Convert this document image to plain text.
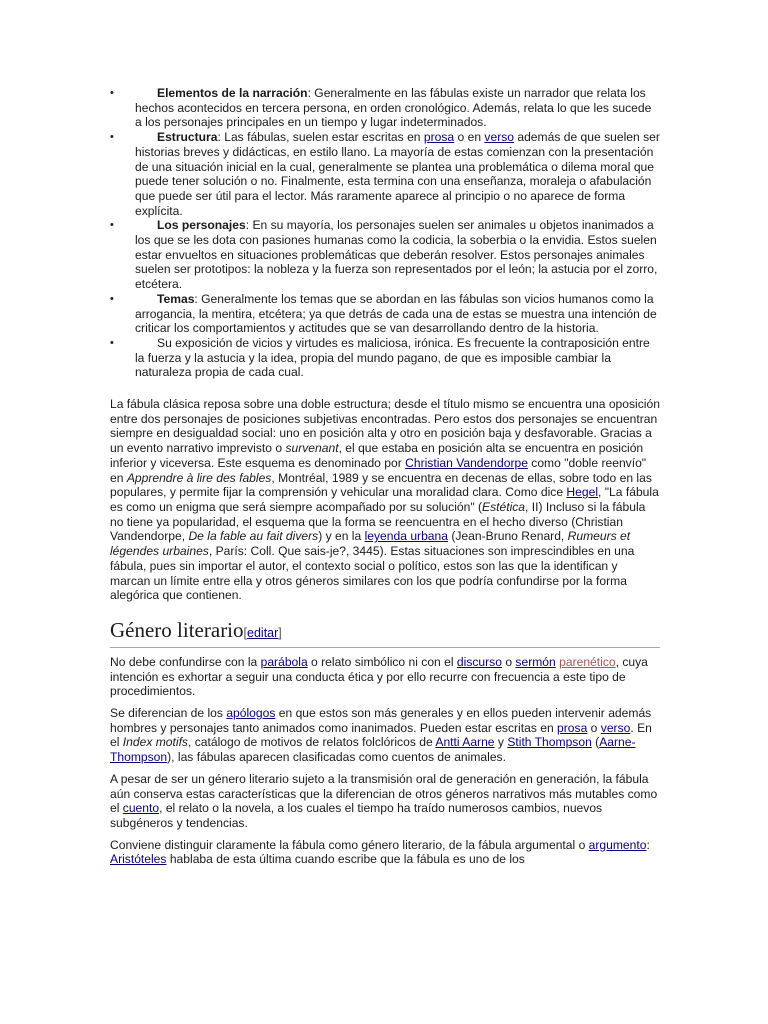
•	Elementos de la narración: Generalmente en las fábulas existe un narrador que relata los hechos acontecidos en tercera persona, en orden cronológico. Además, relata lo que les sucede a los personajes principales en un tiempo y lugar indeterminados.
•	Estructura: Las fábulas, suelen estar escritas en prosa o en verso además de que suelen ser historias breves y didácticas, en estilo llano. La mayoría de estas comienzan con la presentación de una situación inicial en la cual, generalmente se plantea una problemática o dilema moral que puede tener solución o no. Finalmente, esta termina con una enseñanza, moraleja o afabulación que puede ser útil para el lector. Más raramente aparece al principio o no aparece de forma explícita.
•	Los personajes: En su mayoría, los personajes suelen ser animales u objetos inanimados a los que se les dota con pasiones humanas como la codicia, la soberbia o la envidia. Estos suelen estar envueltos en situaciones problemáticas que deberán resolver. Estos personajes animales suelen ser prototipos: la nobleza y la fuerza son representados por el león; la astucia por el zorro, etcétera.
•	Temas: Generalmente los temas que se abordan en las fábulas son vicios humanos como la arrogancia, la mentira, etcétera; ya que detrás de cada una de estas se muestra una intención de criticar los comportamientos y actitudes que se van desarrollando dentro de la historia.
•	Su exposición de vicios y virtudes es maliciosa, irónica. Es frecuente la contraposición entre la fuerza y la astucia y la idea, propia del mundo pagano, de que es imposible cambiar la naturaleza propia de cada cual.

La fábula clásica reposa sobre una doble estructura; desde el título mismo se encuentra una oposición entre dos personajes de posiciones subjetivas encontradas. Pero estos dos personajes se encuentran siempre en desigualdad social: uno en posición alta y otro en posición baja y desfavorable. Gracias a un evento narrativo imprevisto o survenant, el que estaba en posición alta se encuentra en posición inferior y viceversa. Este esquema es denominado por Christian Vandendorpe como "doble reenvío" en Apprendre à lire des fables, Montréal, 1989 y se encuentra en decenas de ellas, sobre todo en las populares, y permite fijar la comprensión y vehicular una moralidad clara. Como dice Hegel, "La fábula es como un enigma que será siempre acompañado por su solución" (Estética, II) Incluso si la fábula no tiene ya popularidad, el esquema que la forma se reencuentra en el hecho diverso (Christian Vandendorpe, De la fable au fait divers) y en la leyenda urbana (Jean-Bruno Renard, Rumeurs et légendes urbaines, París: Coll. Que sais-je?, 3445). Estas situaciones son imprescindibles en una fábula, pues sin importar el autor, el contexto social o político, estos son las que la identifican y marcan un límite entre ella y otros géneros similares con los que podría confundirse por la forma alegórica que contienen.

Género literario[editar]

No debe confundirse con la parábola o relato simbólico ni con el discurso o sermón parenético, cuya intención es exhortar a seguir una conducta ética y por ello recurre con frecuencia a este tipo de procedimientos.

Se diferencian de los apólogos en que estos son más generales y en ellos pueden intervenir además hombres y personajes tanto animados como inanimados. Pueden estar escritas en prosa o verso. En el Index motifs, catálogo de motivos de relatos folclóricos de Antti Aarne y Stith Thompson (Aarne-Thompson), las fábulas aparecen clasificadas como cuentos de animales.

A pesar de ser un género literario sujeto a la transmisión oral de generación en generación, la fábula aún conserva estas características que la diferencian de otros géneros narrativos más mutables como el cuento, el relato o la novela, a los cuales el tiempo ha traído numerosos cambios, nuevos subgéneros y tendencias.

Conviene distinguir claramente la fábula como género literario, de la fábula argumental o argumento: Aristóteles hablaba de esta última cuando escribe que la fábula es uno de los
